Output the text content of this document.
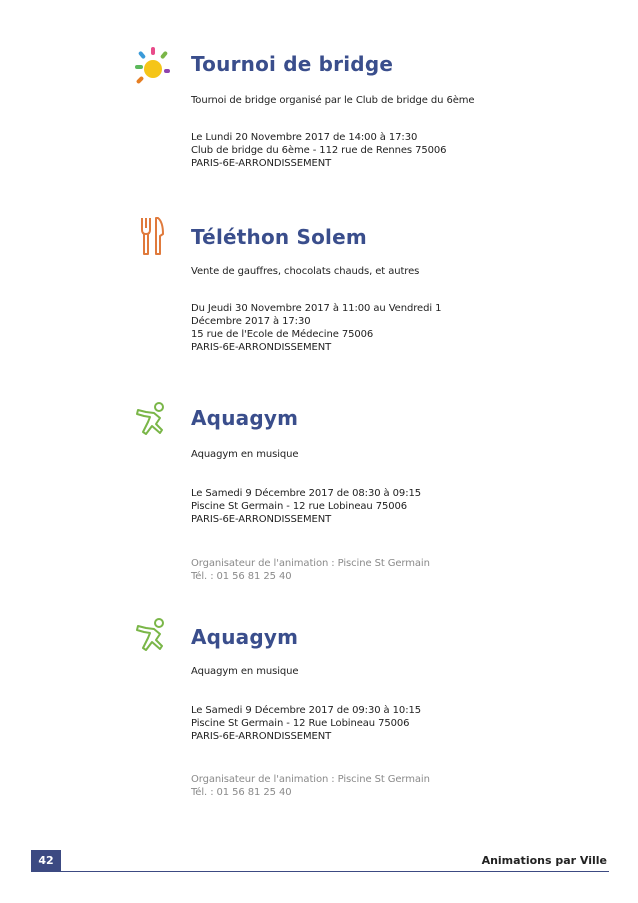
Tournoi de bridge
Tournoi de bridge organisé par le Club de bridge du 6ème
Le Lundi 20 Novembre 2017 de 14:00 à 17:30
Club de bridge du 6ème - 112 rue de Rennes 75006
PARIS-6E-ARRONDISSEMENT
Téléthon Solem
Vente de gauffres, chocolats chauds, et autres
Du Jeudi 30 Novembre 2017 à 11:00 au Vendredi 1
Décembre 2017 à 17:30
15 rue de l'Ecole de Médecine 75006
PARIS-6E-ARRONDISSEMENT
Aquagym
Aquagym en musique
Le Samedi 9 Décembre 2017 de 08:30 à 09:15
Piscine St Germain - 12 rue Lobineau 75006
PARIS-6E-ARRONDISSEMENT
Organisateur de l'animation : Piscine St Germain
Tél. : 01 56 81 25 40
Aquagym
Aquagym en musique
Le Samedi 9 Décembre 2017 de 09:30 à 10:15
Piscine St Germain - 12 Rue Lobineau 75006
PARIS-6E-ARRONDISSEMENT
Organisateur de l'animation : Piscine St Germain
Tél. : 01 56 81 25 40
42	Animations par Ville
